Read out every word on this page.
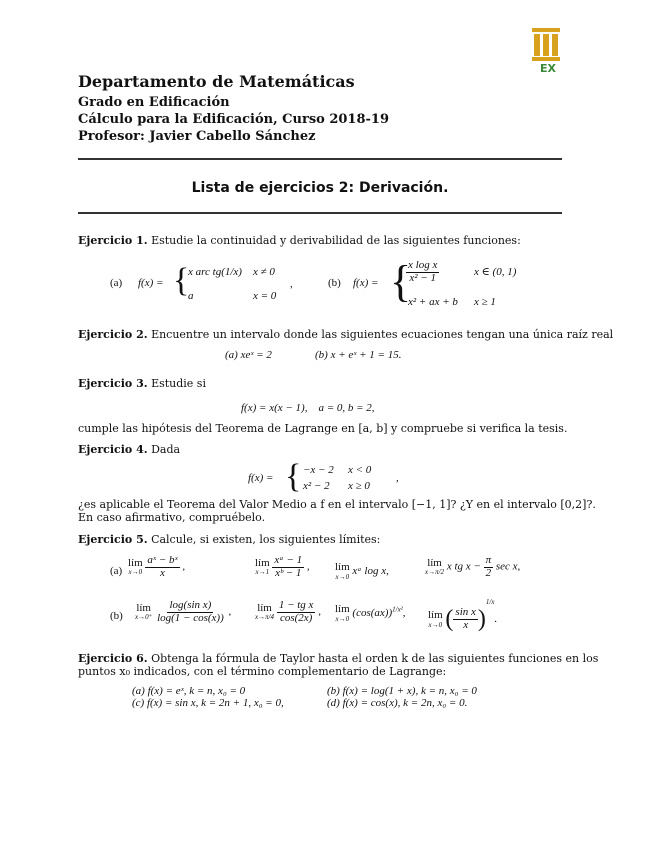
EX
Departamento de Matemáticas
Grado en Edificación
Cálculo para la Edificación, Curso 2018-19
Profesor: Javier Cabello Sánchez
Lista de ejercicios 2: Derivación.
Ejercicio 1. Estudie la continuidad y derivabilidad de las siguientes funciones:
(a) f(x) = {
x arc tg(1/x) x ≠ 0
a	x = 0
,	(b) f(x) = {
$\frac{\text{x log x}}{\text{x² − 1}}$	x ∈ (0, 1)
x² + ax + b x ≥ 1
Ejercicio 2. Encuentre un intervalo donde las siguientes ecuaciones tengan una única raíz real
(a) xeˣ = 2	(b) x + eˣ + 1 = 15.
Ejercicio 3. Estudie si
f(x) = x(x − 1),    a = 0, b = 2,
cumple las hipótesis del Teorema de Lagrange en [a, b] y compruebe si verifica la tesis.
Ejercicio 4. Dada
f(x) = { −x − 2 x < 0
x² − 2 x ≥ 0
,
¿es aplicable el Teorema del Valor Medio a f en el intervalo [−1, 1]? ¿Y en el intervalo [0,2]?.
En caso afirmativo, compruébelo.
Ejercicio 5. Calcule, si existen, los siguientes límites:
(a)
lím
x→0
$\frac{\text{aˣ − bˣ}}{x}$ ,	lím
x→1
$\frac{\text{xᵃ − 1}}{\text{xᵇ − 1}}$ , lím
x→0 xᵃ log x,
lím
x→π/2 x tg $x - \frac{\pi}{2}$ sec x,
(b)
lím
x→0⁺
$\frac{\text{log(sin x)}}{\log(1 - \cos(x))}$ , lím
x→π/4
$\frac{\text{1 − tg x}}{\cos(2x)}$ , lím
x→0 $(\cos(ax))^{1/x^2}$, lím
x→0 ( $\frac{\text{sin x}}{x} )^{1/x}$.
Ejercicio 6. Obtenga la fórmula de Taylor hasta el orden k de las siguientes funciones en los
puntos x₀ indicados, con el término complementario de Lagrange:
(a) f(x) = eˣ, k = n, x₀ = 0	(b) f(x) = log(1 + x), k = n, x₀ = 0
(c) f(x) = sin x, k = 2n + 1, x₀ = 0,	(d) f(x) = cos(x), k = 2n, x₀ = 0.
